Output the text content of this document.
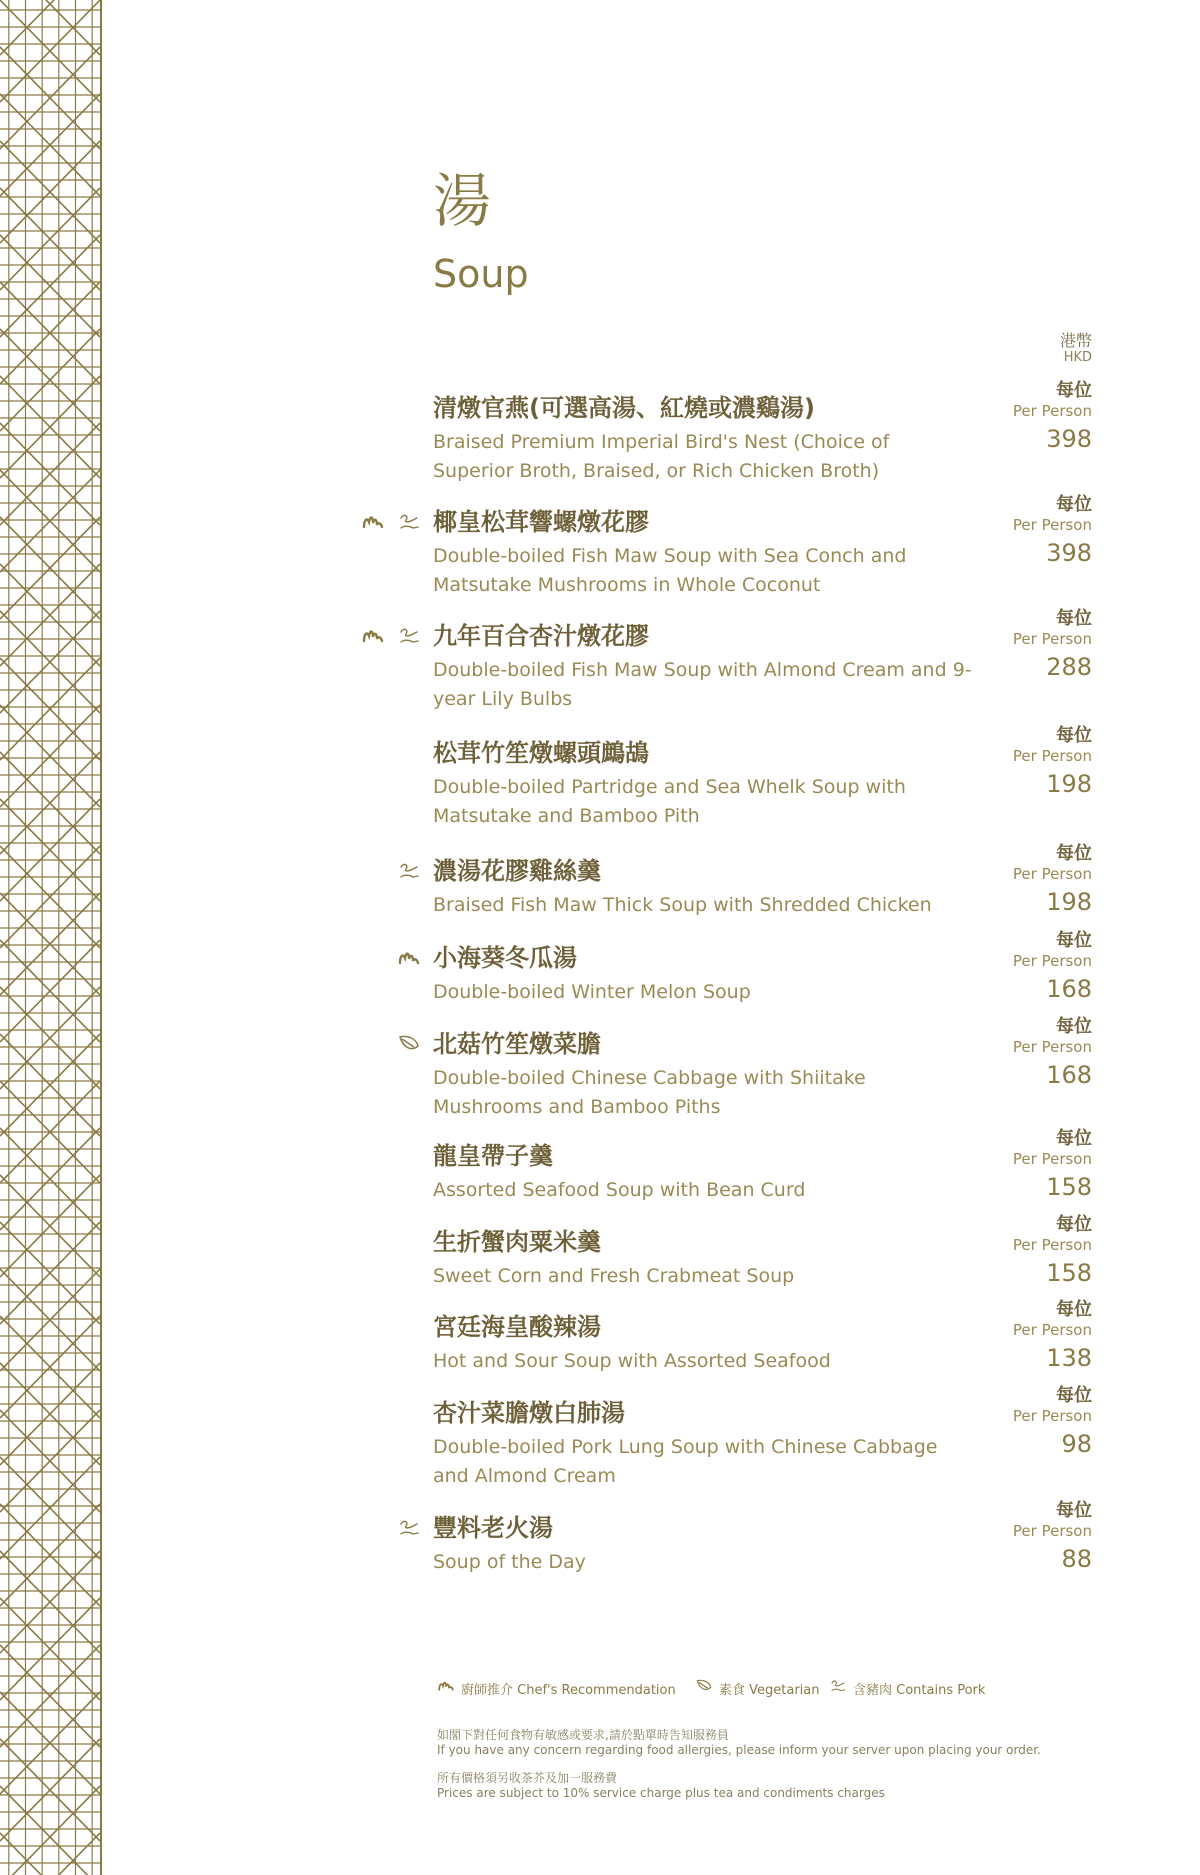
湯
Soup
港幣
HKD
清燉官燕(可選高湯、紅燒或濃鷄湯)
Braised Premium Imperial Bird's Nest (Choice of Superior Broth, Braised, or Rich Chicken Broth)
每位
Per Person
398
椰皇松茸響螺燉花膠
Double-boiled Fish Maw Soup with Sea Conch and Matsutake Mushrooms in Whole Coconut
每位
Per Person
398
九年百合杏汁燉花膠
Double-boiled Fish Maw Soup with Almond Cream and 9-year Lily Bulbs
每位
Per Person
288
松茸竹笙燉螺頭鷓鴣
Double-boiled Partridge and Sea Whelk Soup with Matsutake and Bamboo Pith
每位
Per Person
198
濃湯花膠雞絲羹
Braised Fish Maw Thick Soup with Shredded Chicken
每位
Per Person
198
小海葵冬瓜湯
Double-boiled Winter Melon Soup
每位
Per Person
168
北菇竹笙燉菜膽
Double-boiled Chinese Cabbage with Shiitake Mushrooms and Bamboo Piths
每位
Per Person
168
龍皇帶子羹
Assorted Seafood Soup with Bean Curd
每位
Per Person
158
生折蟹肉粟米羹
Sweet Corn and Fresh Crabmeat Soup
每位
Per Person
158
宮廷海皇酸辣湯
Hot and Sour Soup with Assorted Seafood
每位
Per Person
138
杏汁菜膽燉白肺湯
Double-boiled Pork Lung Soup with Chinese Cabbage and Almond Cream
每位
Per Person
98
豐料老火湯
Soup of the Day
每位
Per Person
88
廚師推介 Chef's Recommendation	素食 Vegetarian	含豬肉 Contains Pork
如閣下對任何食物有敏感或要求,請於點單時告知服務員
If you have any concern regarding food allergies, please inform your server upon placing your order.
所有價格須另收茶芥及加一服務費
Prices are subject to 10% service charge plus tea and condiments charges
